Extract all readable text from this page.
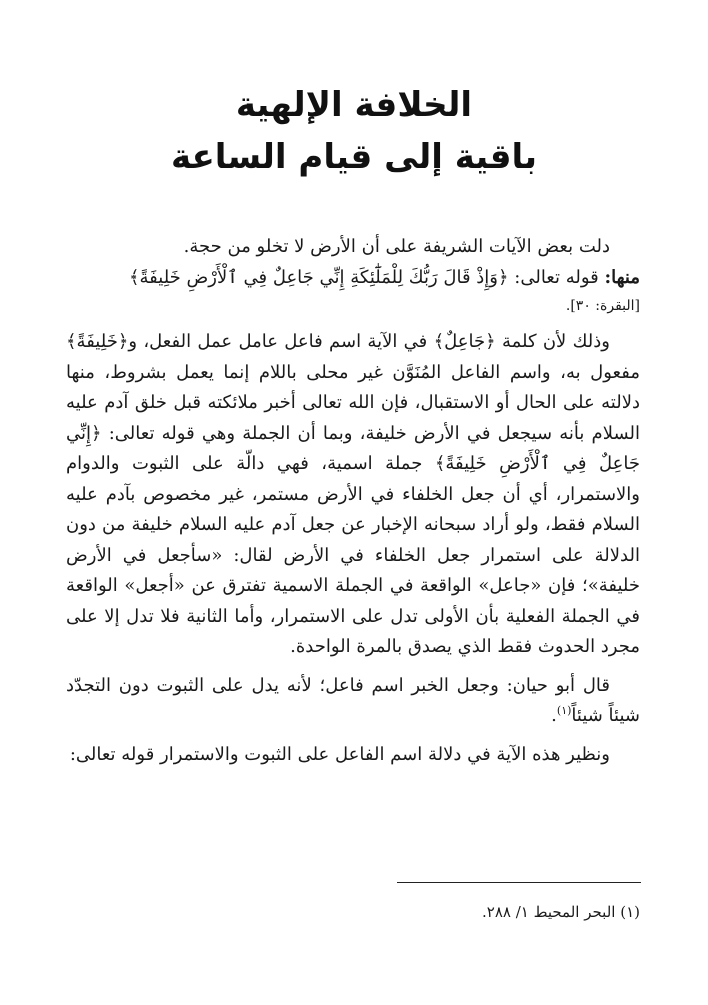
الخلافة الإلهية
باقية إلى قيام الساعة

دلت بعض الآيات الشريفة على أن الأرض لا تخلو من حجة.

منها: قوله تعالى: ﴿وَإِذْ قَالَ رَبُّكَ لِلْمَلَٰٓئِكَةِ إِنِّي جَاعِلٌ فِي ٱلْأَرْضِ خَلِيفَةً﴾
[البقرة: ٣٠].

وذلك لأن كلمة ﴿جَاعِلٌ﴾ في الآية اسم فاعل عامل عمل الفعل، و﴿خَلِيفَةً﴾ مفعول به، واسم الفاعل المُنَوَّن غير محلى باللام إنما يعمل بشروط، منها دلالته على الحال أو الاستقبال، فإن الله تعالى أخبر ملائكته قبل خلق آدم عليه السلام بأنه سيجعل في الأرض خليفة، وبما أن الجملة وهي قوله تعالى: ﴿إِنِّي جَاعِلٌ فِي ٱلْأَرْضِ خَلِيفَةً﴾ جملة اسمية، فهي دالّة على الثبوت والدوام والاستمرار، أي أن جعل الخلفاء في الأرض مستمر، غير مخصوص بآدم عليه السلام فقط، ولو أراد سبحانه الإخبار عن جعل آدم عليه السلام خليفة من دون الدلالة على استمرار جعل الخلفاء في الأرض لقال: «سأجعل في الأرض خليفة»؛ فإن «جاعل» الواقعة في الجملة الاسمية تفترق عن «أجعل» الواقعة في الجملة الفعلية بأن الأولى تدل على الاستمرار، وأما الثانية فلا تدل إلا على مجرد الحدوث فقط الذي يصدق بالمرة الواحدة.

قال أبو حيان: وجعل الخبر اسم فاعل؛ لأنه يدل على الثبوت دون التجدّد شيئاً شيئاً$^{(١)}$.

ونظير هذه الآية في دلالة اسم الفاعل على الثبوت والاستمرار قوله تعالى:

(١) البحر المحيط ١/ ٢٨٨.
